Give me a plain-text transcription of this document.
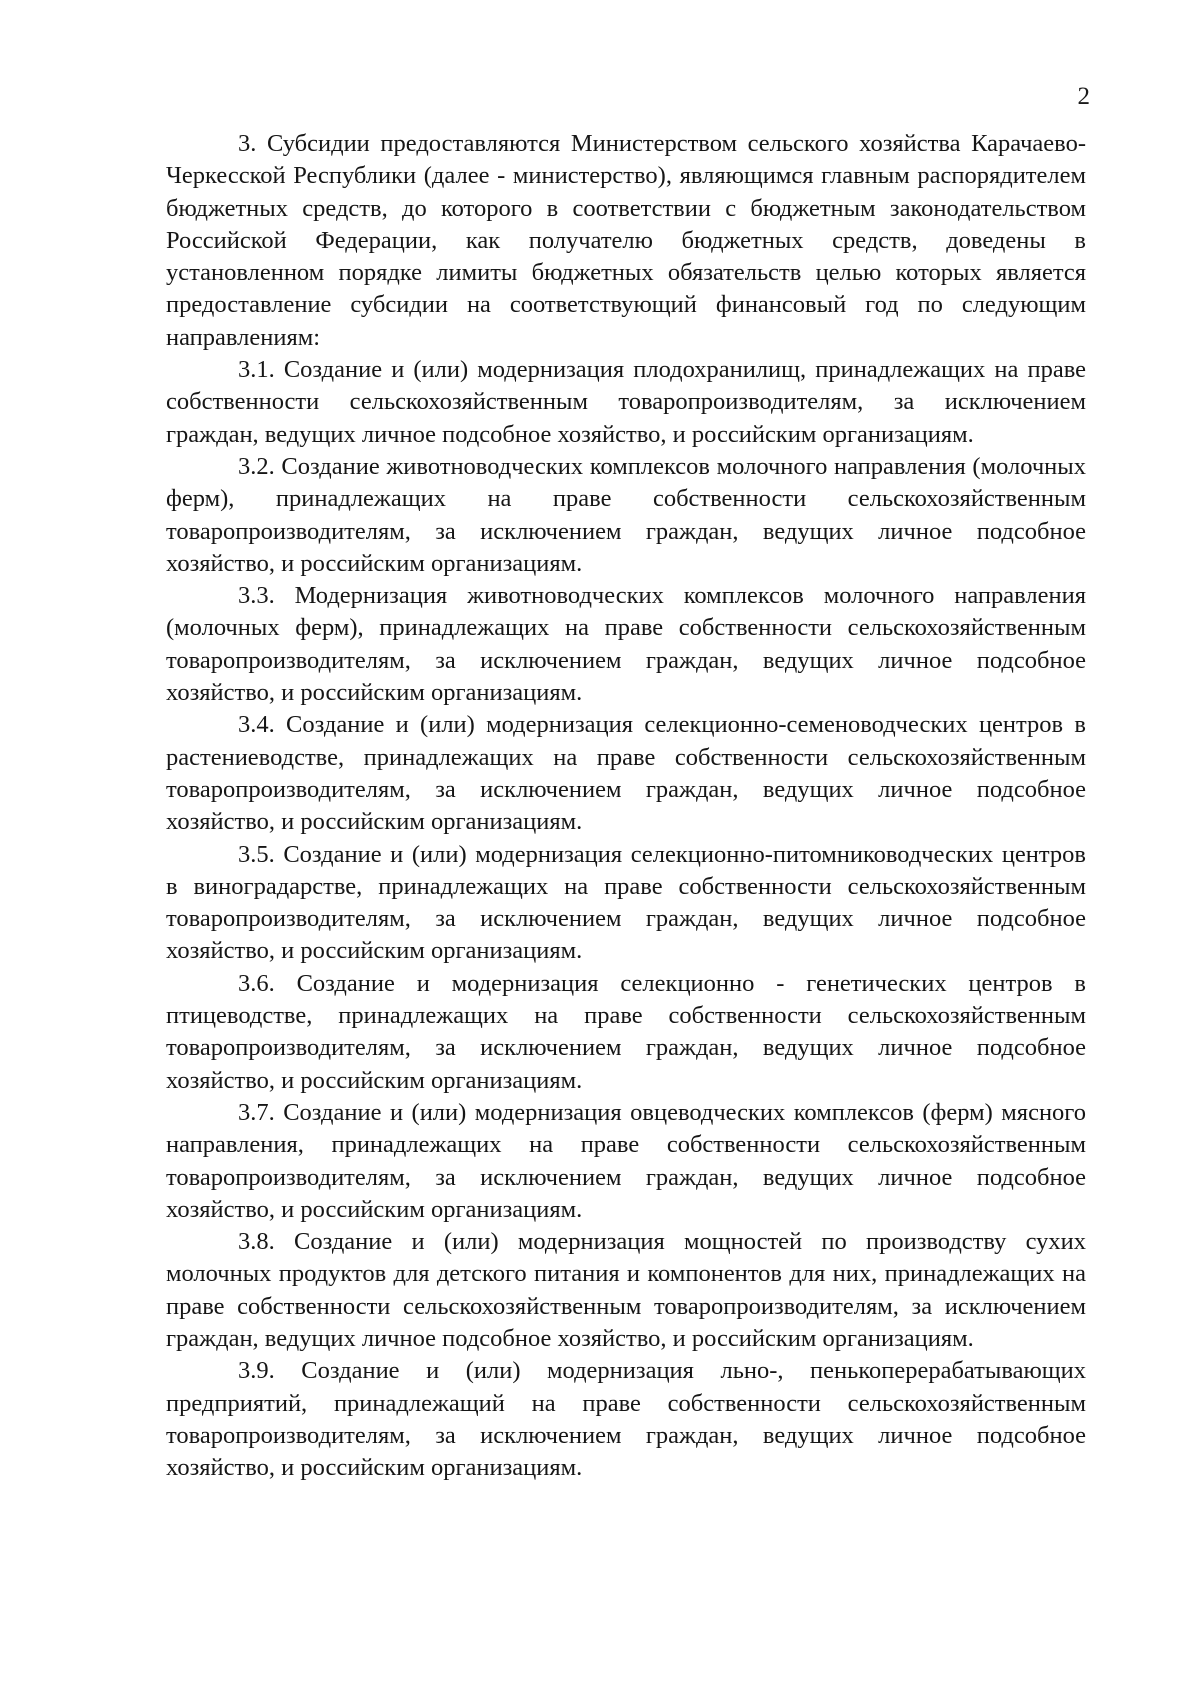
2

3. Субсидии предоставляются Министерством сельского хозяйства Карачаево-Черкесской Республики (далее - министерство), являющимся главным распорядителем бюджетных средств, до которого в соответствии с бюджетным законодательством Российской Федерации, как получателю бюджетных средств, доведены в установленном порядке лимиты бюджетных обязательств целью которых является предоставление субсидии на соответствующий финансовый год по следующим направлениям:

3.1. Создание и (или) модернизация плодохранилищ, принадлежащих на праве собственности сельскохозяйственным товаропроизводителям, за исключением граждан, ведущих личное подсобное хозяйство, и российским организациям.

3.2. Создание животноводческих комплексов молочного направления (молочных ферм), принадлежащих на праве собственности сельскохозяйственным товаропроизводителям, за исключением граждан, ведущих личное подсобное хозяйство, и российским организациям.

3.3. Модернизация животноводческих комплексов молочного направления (молочных ферм), принадлежащих на праве собственности сельскохозяйственным товаропроизводителям, за исключением граждан, ведущих личное подсобное хозяйство, и российским организациям.

3.4. Создание и (или) модернизация селекционно-семеноводческих центров в растениеводстве, принадлежащих на праве собственности сельскохозяйственным товаропроизводителям, за исключением граждан, ведущих личное подсобное хозяйство, и российским организациям.

3.5. Создание и (или) модернизация селекционно-питомниководческих центров в виноградарстве, принадлежащих на праве собственности сельскохозяйственным товаропроизводителям, за исключением граждан, ведущих личное подсобное хозяйство, и российским организациям.

3.6. Создание и модернизация селекционно - генетических центров в птицеводстве, принадлежащих на праве собственности сельскохозяйственным товаропроизводителям, за исключением граждан, ведущих личное подсобное хозяйство, и российским организациям.

3.7. Создание и (или) модернизация овцеводческих комплексов (ферм) мясного направления, принадлежащих на праве собственности сельскохозяйственным товаропроизводителям, за исключением граждан, ведущих личное подсобное хозяйство, и российским организациям.

3.8. Создание и (или) модернизация мощностей по производству сухих молочных продуктов для детского питания и компонентов для них, принадлежащих на праве собственности сельскохозяйственным товаропроизводителям, за исключением граждан, ведущих личное подсобное хозяйство, и российским организациям.

3.9. Создание и (или) модернизация льно-, пенькоперерабатывающих предприятий, принадлежащий на праве собственности сельскохозяйственным товаропроизводителям, за исключением граждан, ведущих личное подсобное хозяйство, и российским организациям.
